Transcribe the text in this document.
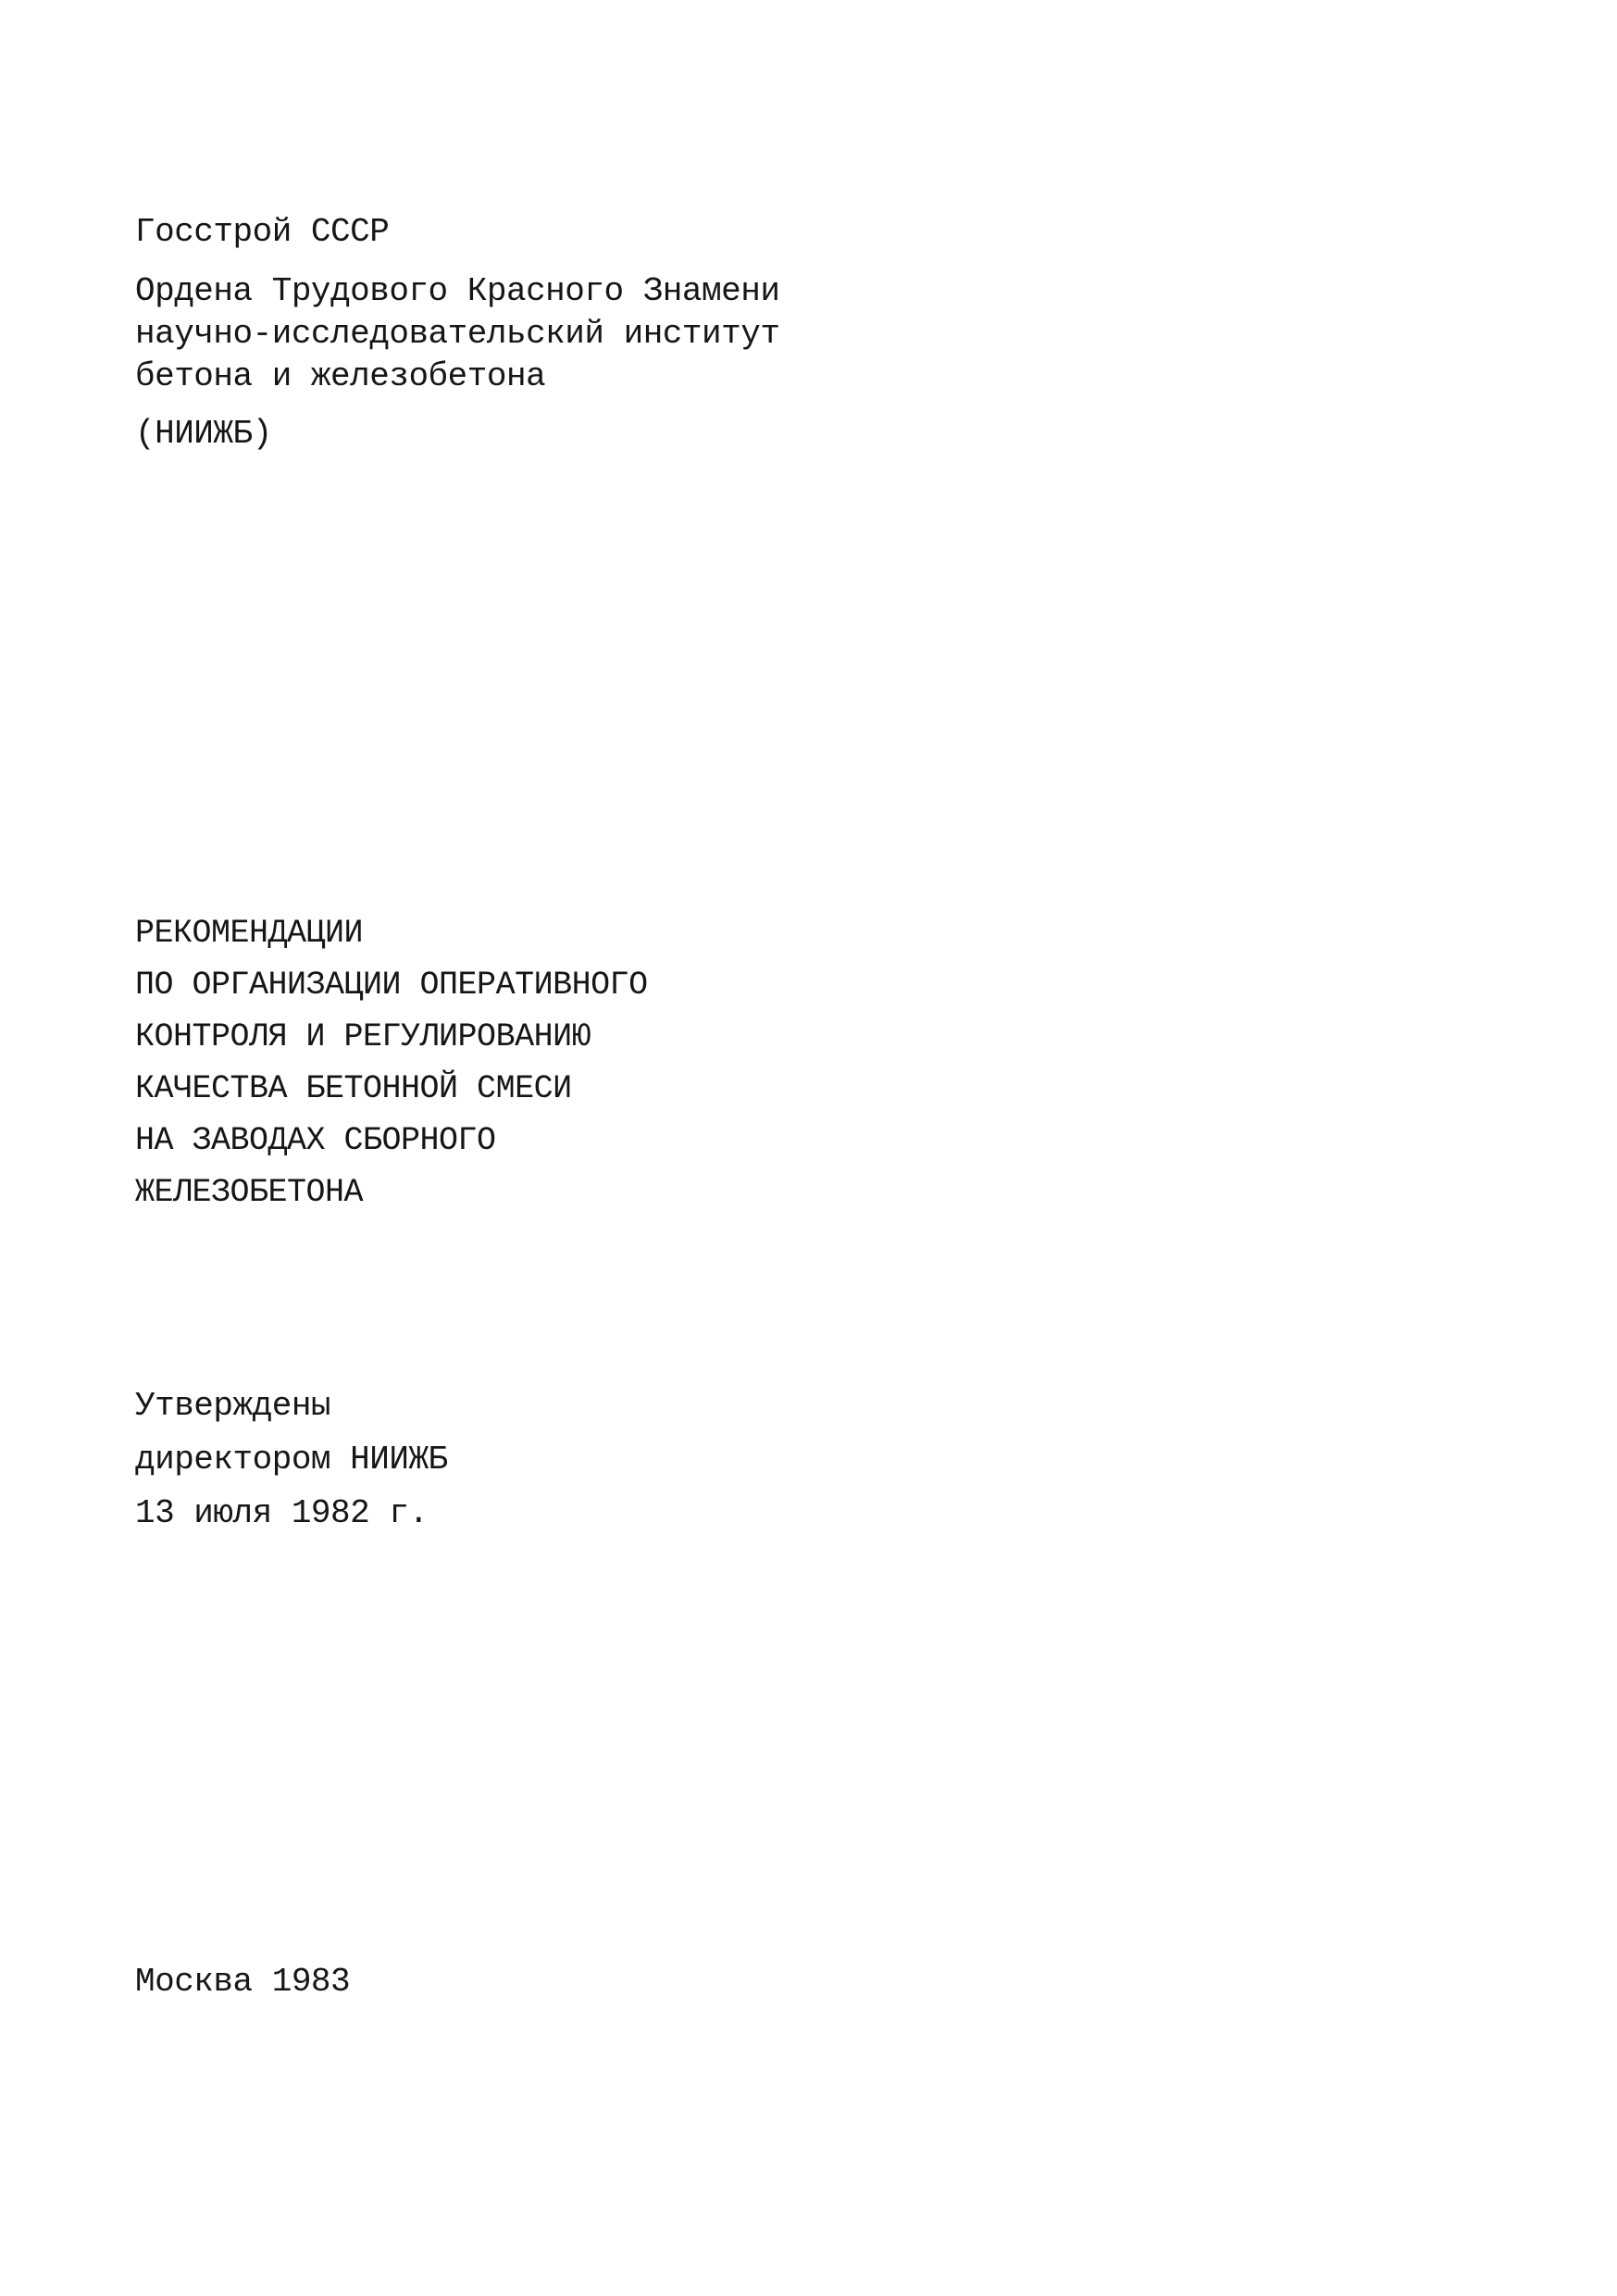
Госстрой СССР
Ордена Трудового Красного Знамени
научно-исследовательский институт
бетона и железобетона
(НИИЖБ)
РЕКОМЕНДАЦИИ
ПО ОРГАНИЗАЦИИ ОПЕРАТИВНОГО
КОНТРОЛЯ И РЕГУЛИРОВАНИЮ
КАЧЕСТВА БЕТОННОЙ СМЕСИ
НА ЗАВОДАХ СБОРНОГО
ЖЕЛЕЗОБЕТОНА
Утверждены
директором НИИЖБ
13 июля 1982 г.
Москва 1983
